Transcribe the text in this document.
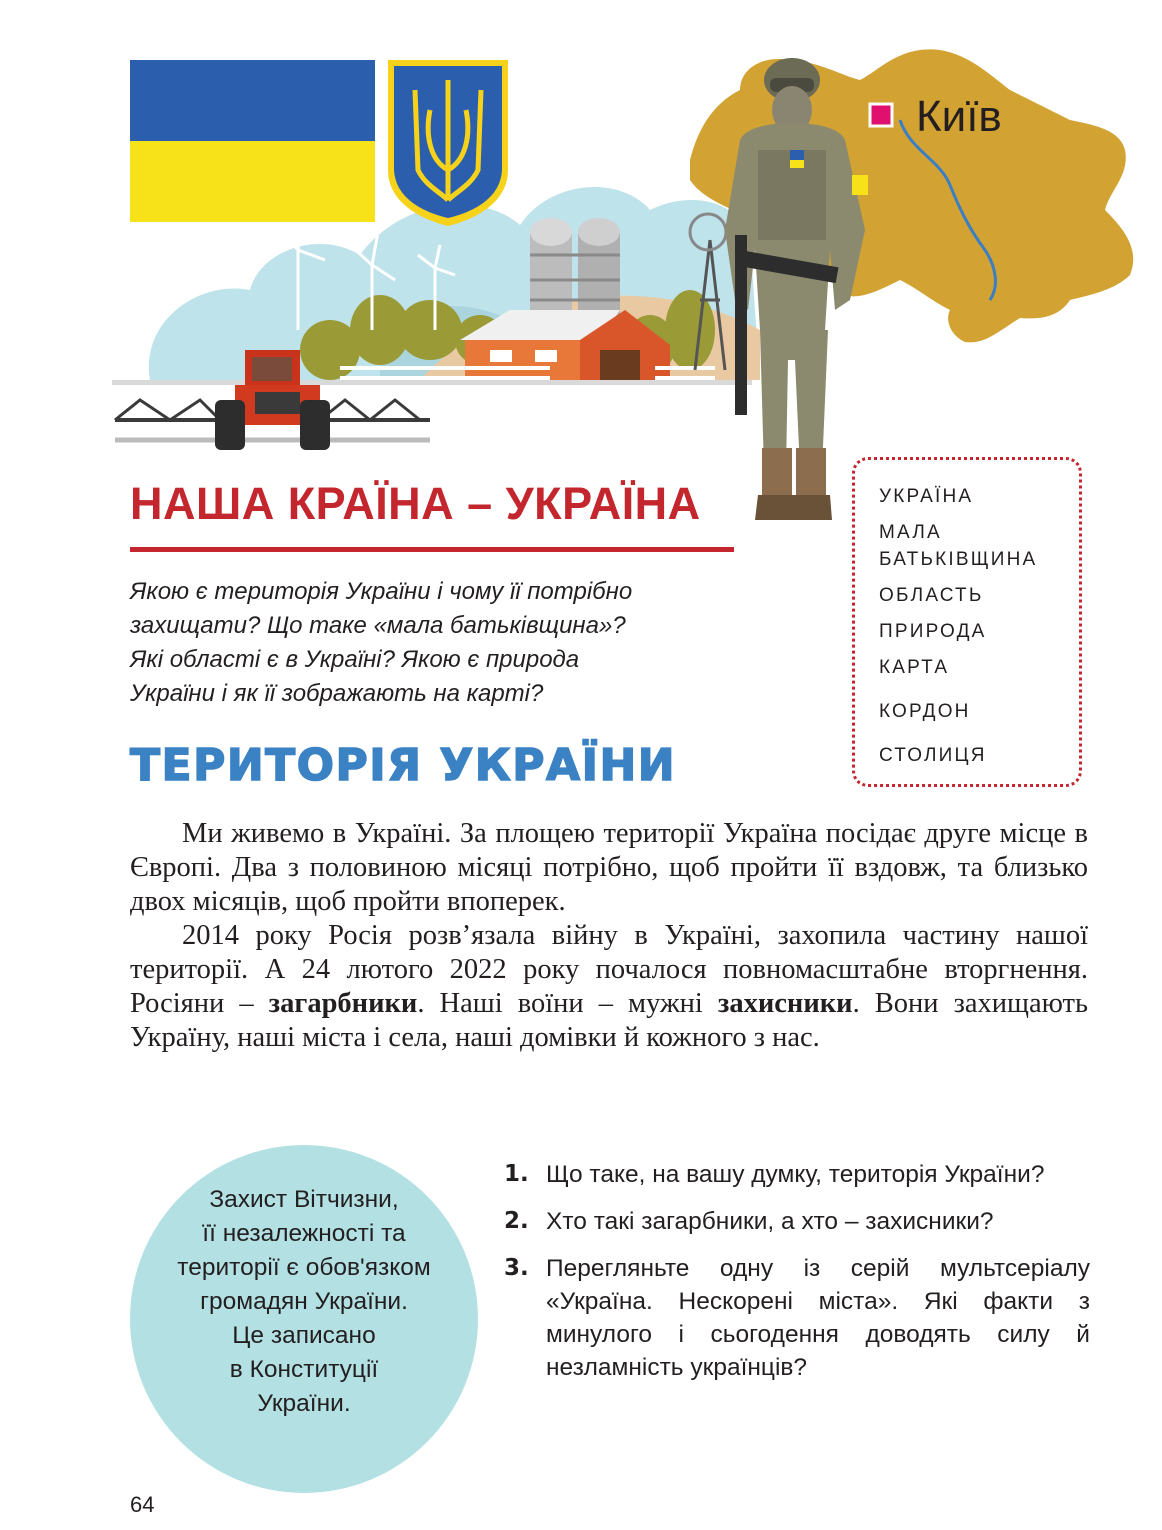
Київ
НАША КРАЇНА – УКРАЇНА

Якою є територія України і чому її потрібно

захищати? Що таке «мала батьківщина»?

Які області є в Україні? Якою є природа

України і як її зображають на карті?

УКРАЇНА
МАЛА
БАТЬКІВЩИНА
ОБЛАСТЬ
ПРИРОДА
КАРТА
КОРДОН
СТОЛИЦЯ
ТЕРИТОРІЯ УКРАЇНИ

Ми живемо в Україні. За площею території Україна посідає друге місце в Європі. Два з половиною місяці потрібно, щоб пройти її вздовж, та близько двох місяців, щоб пройти впоперек.

2014 року Росія розв’язала війну в Україні, захопила частину нашої території. А 24 лютого 2022 року почалося повномасштабне вторгнення. Росіяни – загарбники. Наші воїни – мужні захисники. Вони захищають Україну, наші міста і села, наші домівки й кожного з нас.

Захист Вітчизни,
її незалежності та
території є обов'язком
громадян України.
Це записано
в Конституції
України.
1. Що таке, на вашу думку, територія України?
2. Хто такі загарбники, а хто – захисники?
3. Перегляньте одну із серій мультсеріалу «Україна. Нескорені міста». Які факти з минулого і сьогодення доводять силу й незламність українців?
64
